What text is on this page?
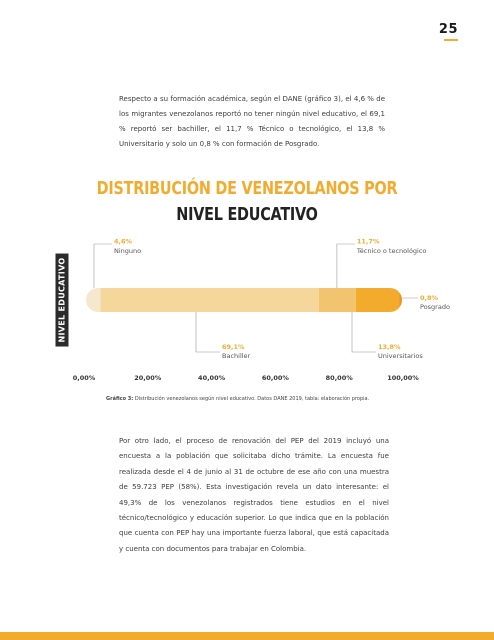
25

Respecto a su formación académica, según el DANE (gráfico 3), el 4,6 % de los migrantes venezolanos reportó no tener ningún nivel educativo, el 69,1 % reportó ser bachiller, el 11,7 % Técnico o tecnológico, el 13,8 % Universitario y solo un 0,8 % con formación de Posgrado.

DISTRIBUCIÓN DE VENEZOLANOS POR
NIVEL EDUCATIVO
NIVEL EDUCATIVO
4,6%
Ninguno
69,1%
Bachiller
11,7%
Técnico o tecnológico
13,8%
Universitarios
0,8%
Posgrado
0,00%	20,00%	40,00%	60,00%	80,00%	100,00%
Gráfico 3: Distribución venezolanos según nivel educativo. Datos DANE 2019, tabla: elaboración propia.

Por otro lado, el proceso de renovación del PEP del 2019 incluyó una encuesta a la población que solicitaba dicho trámite. La encuesta fue realizada desde el 4 de junio al 31 de octubre de ese año con una muestra de 59.723 PEP (58%). Esta investigación revela un dato interesante: el 49,3% de los venezolanos registrados tiene estudios en el nivel técnico/tecnológico y educación superior. Lo que indica que en la población que cuenta con PEP hay una importante fuerza laboral, que está capacitada y cuenta con documentos para trabajar en Colombia.
